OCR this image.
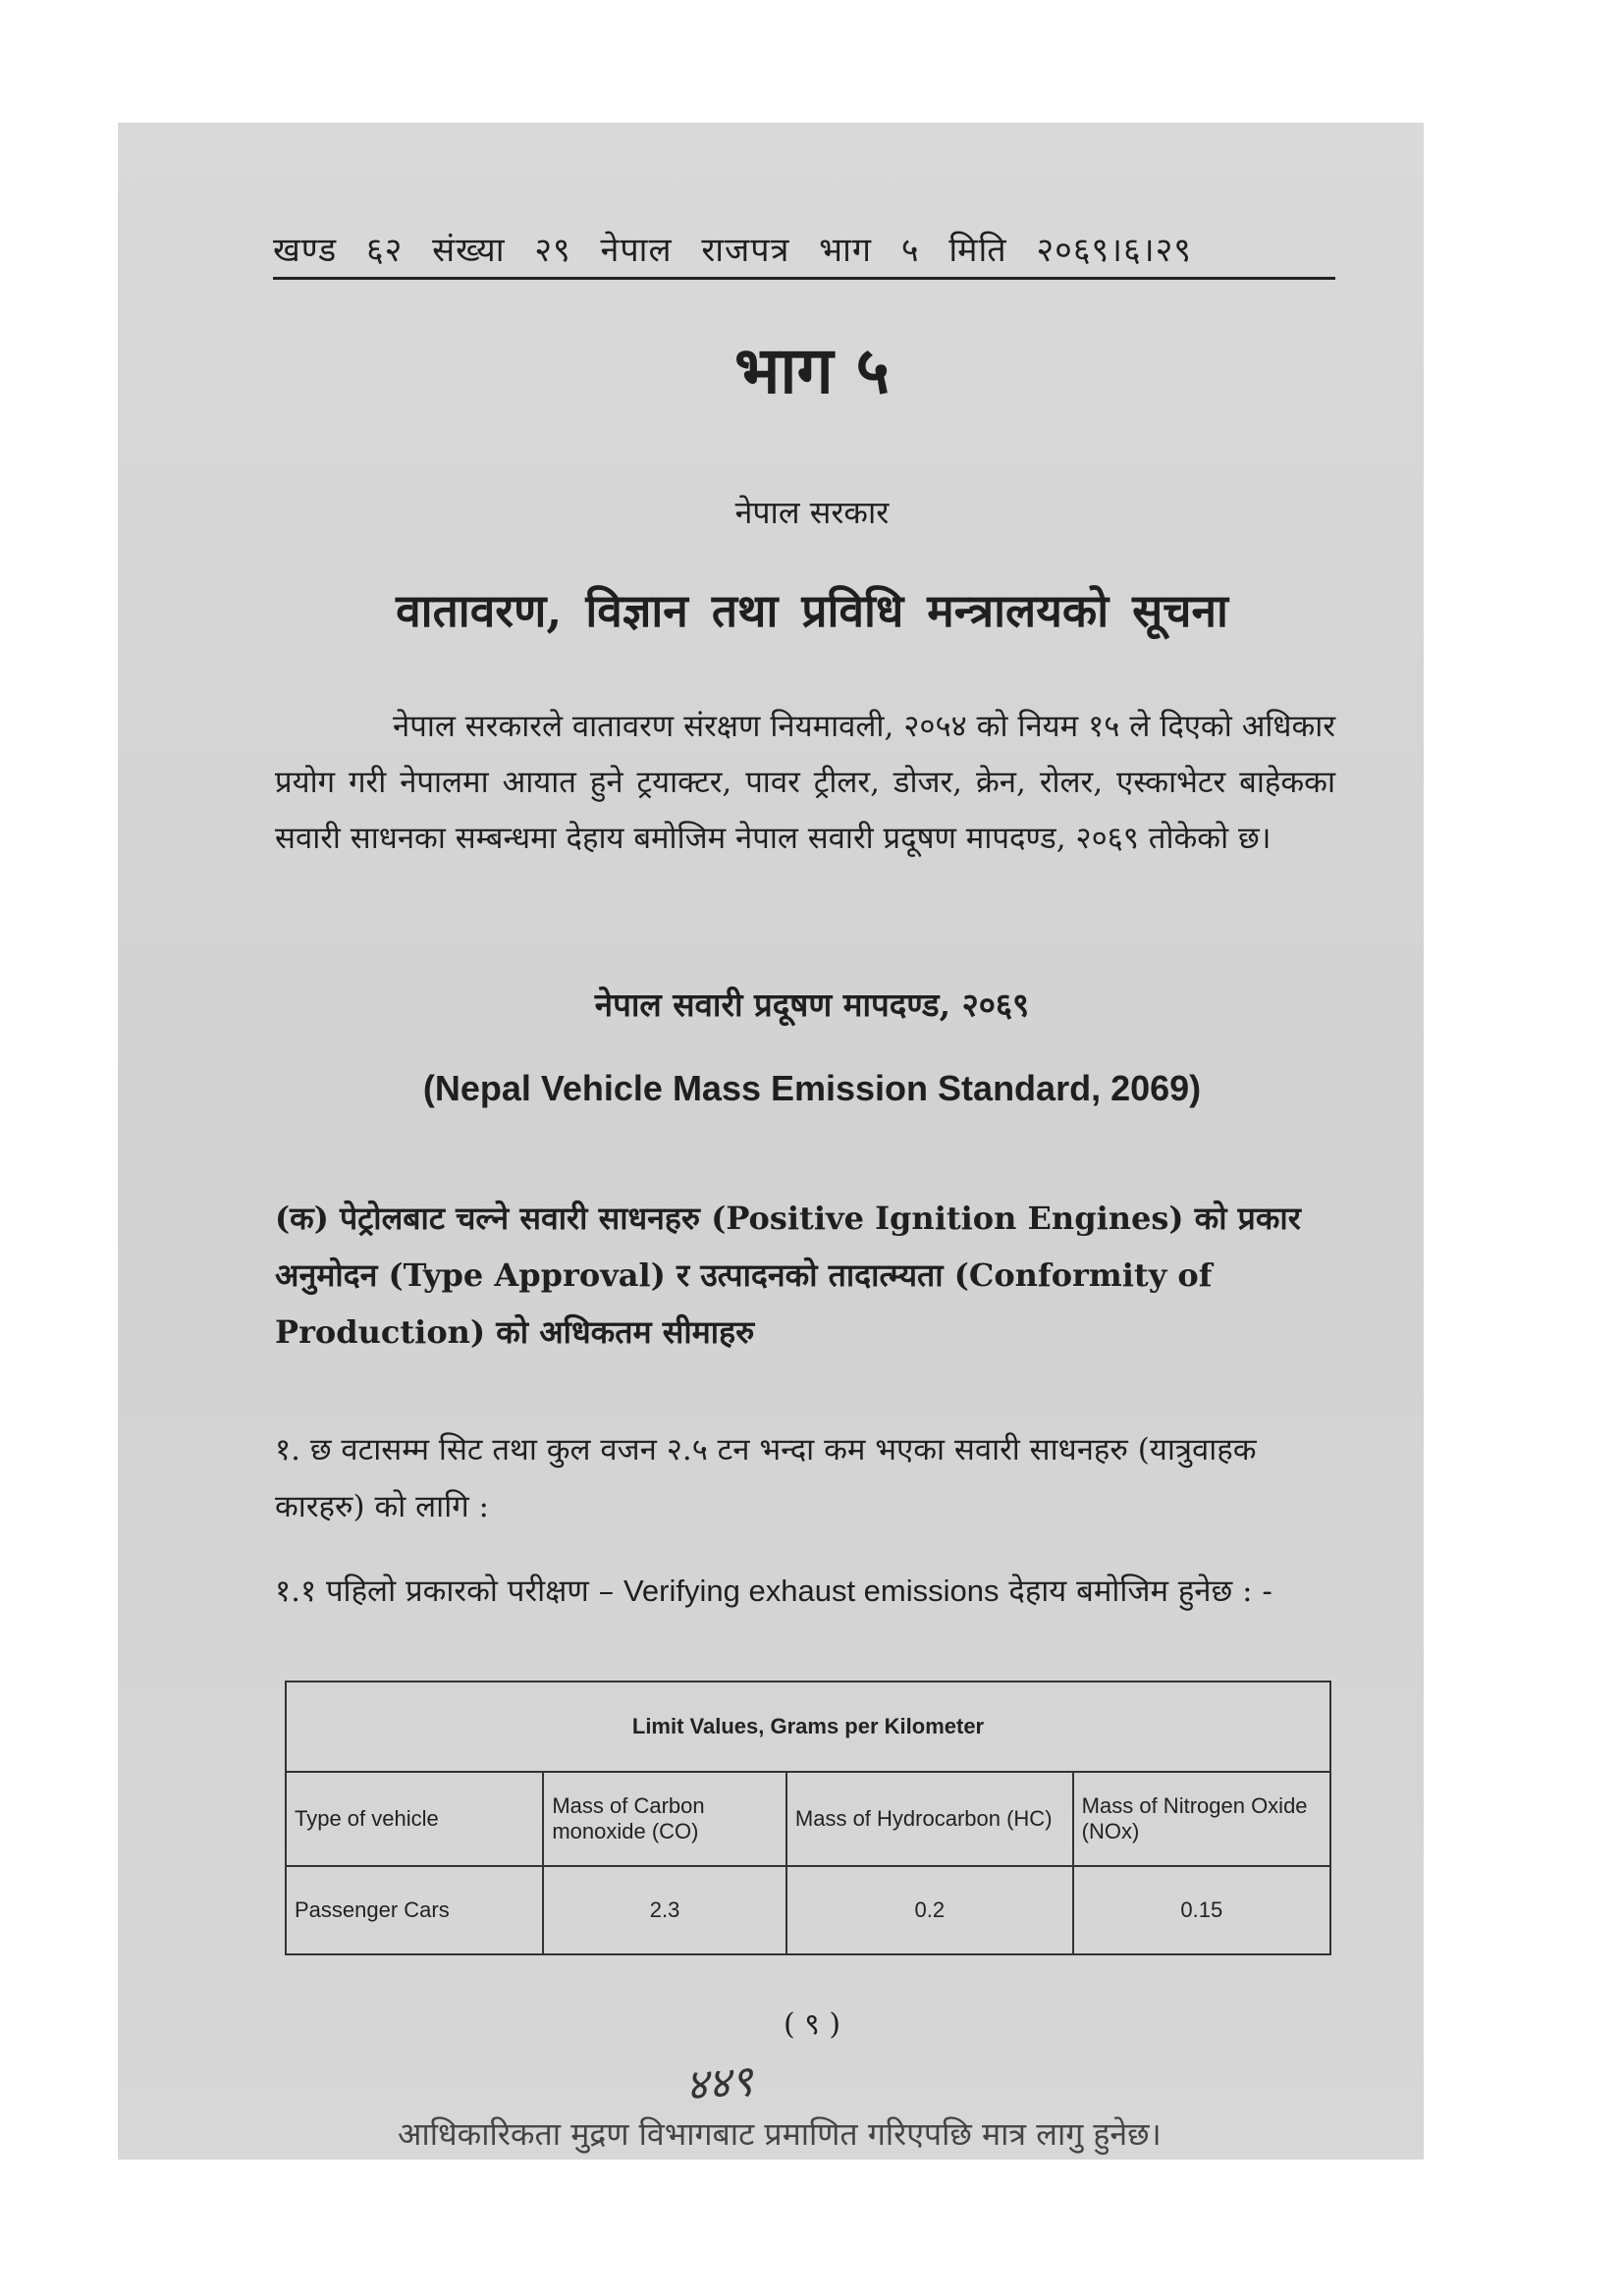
खण्ड ६२ संख्या २९ नेपाल राजपत्र भाग ५ मिति २०६९।६।२९
भाग ५
नेपाल सरकार
वातावरण, विज्ञान तथा प्रविधि मन्त्रालयको सूचना
नेपाल सरकारले वातावरण संरक्षण नियमावली, २०५४ को नियम १५ ले दिएको अधिकार प्रयोग गरी नेपालमा आयात हुने ट्रयाक्टर, पावर ट्रीलर, डोजर, क्रेन, रोलर, एस्काभेटर बाहेकका सवारी साधनका सम्बन्धमा देहाय बमोजिम नेपाल सवारी प्रदूषण मापदण्ड, २०६९ तोकेको छ।
नेपाल सवारी प्रदूषण मापदण्ड, २०६९
(Nepal Vehicle Mass Emission Standard, 2069)
(क) पेट्रोलबाट चल्ने सवारी साधनहरु (Positive Ignition Engines) को प्रकार अनुमोदन (Type Approval) र उत्पादनको तादात्म्यता (Conformity of Production) को अधिकतम सीमाहरु
१. छ वटासम्म सिट तथा कुल वजन २.५ टन भन्दा कम भएका सवारी साधनहरु (यात्रुवाहक कारहरु) को लागि :
१.१ पहिलो प्रकारको परीक्षण – Verifying exhaust emissions देहाय बमोजिम हुनेछ : -
Limit Values, Grams per Kilometer			
Type of vehicle	Mass of Carbon monoxide (CO)	Mass of Hydrocarbon (HC)	Mass of Nitrogen Oxide (NOx)
Passenger Cars	2.3	0.2	0.15
( ९ )
४४९
आधिकारिकता मुद्रण विभागबाट प्रमाणित गरिएपछि मात्र लागु हुनेछ।
